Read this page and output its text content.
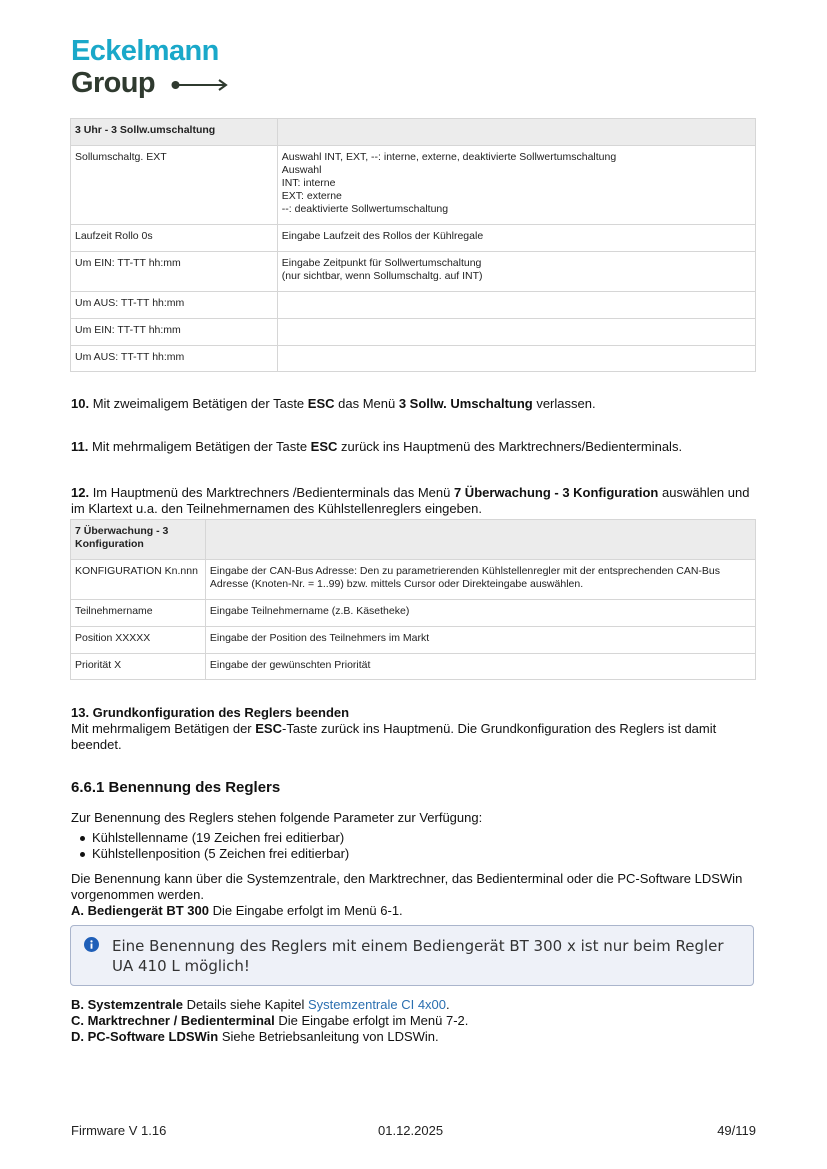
Eckelmann
Group
3 Uhr - 3 Sollw.umschaltung	
Sollumschaltg. EXT	Auswahl INT, EXT, --: interne, externe, deaktivierte Sollwertumschaltung
Auswahl
INT: interne
EXT: externe
--: deaktivierte Sollwertumschaltung
Laufzeit Rollo 0s	Eingabe Laufzeit des Rollos der Kühlregale
Um EIN: TT-TT hh:mm	Eingabe Zeitpunkt für Sollwertumschaltung
(nur sichtbar, wenn Sollumschaltg. auf INT)
Um AUS: TT-TT hh:mm	
Um EIN: TT-TT hh:mm	
Um AUS: TT-TT hh:mm	

10. Mit zweimaligem Betätigen der Taste ESC das Menü 3 Sollw. Umschaltung verlassen.

11. Mit mehrmaligem Betätigen der Taste ESC zurück ins Hauptmenü des Marktrechners/Bedienterminals.

12. Im Hauptmenü des Marktrechners /Bedienterminals das Menü 7 Überwachung - 3 Konfiguration auswählen und im Klartext u.a. den Teilnehmernamen des Kühlstellenreglers eingeben.

7 Überwachung - 3 Konfiguration	
KONFIGURATION Kn.nnn	Eingabe der CAN-Bus Adresse: Den zu parametrierenden Kühlstellenregler mit der entsprechenden CAN-Bus Adresse (Knoten-Nr. = 1..99) bzw. mittels Cursor oder Direkteingabe auswählen.
Teilnehmername	Eingabe Teilnehmername (z.B. Käsetheke)
Position XXXXX	Eingabe der Position des Teilnehmers im Markt
Priorität X	Eingabe der gewünschten Priorität

13. Grundkonfiguration des Reglers beenden
Mit mehrmaligem Betätigen der ESC-Taste zurück ins Hauptmenü. Die Grundkonfiguration des Reglers ist damit beendet.

6.6.1 Benennung des Reglers

Zur Benennung des Reglers stehen folgende Parameter zur Verfügung:

Kühlstellenname (19 Zeichen frei editierbar)
Kühlstellenposition (5 Zeichen frei editierbar)

Die Benennung kann über die Systemzentrale, den Marktrechner, das Bedienterminal oder die PC-Software LDSWin vorgenommen werden.
A. Bediengerät BT 300 Die Eingabe erfolgt im Menü 6-1.

Eine Benennung des Reglers mit einem Bediengerät BT 300 x ist nur beim Regler UA 410 L möglich!

B. Systemzentrale Details siehe Kapitel Systemzentrale CI 4x00.
C. Marktrechner / Bedienterminal Die Eingabe erfolgt im Menü 7-2.
D. PC-Software LDSWin Siehe Betriebsanleitung von LDSWin.

Firmware V 1.16	01.12.2025	49/119
